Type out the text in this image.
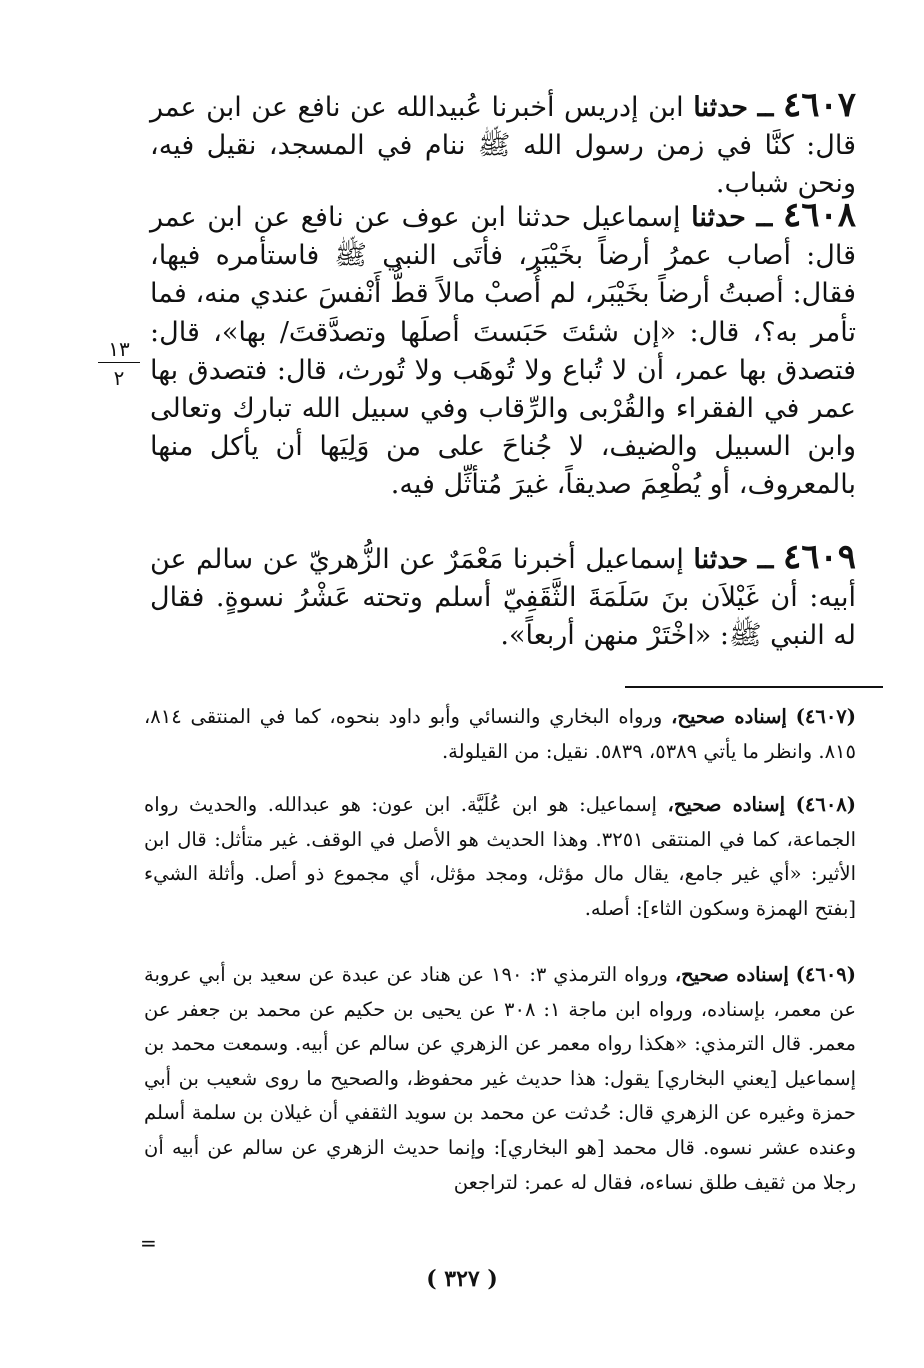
٤٦٠٧ ــ حدثنا ابن إدريس أخبرنا عُبيدالله عن نافع عن ابن عمر قال: كنَّا في زمن رسول الله ﷺ ننام في المسجد، نقيل فيه، ونحن شباب.

٤٦٠٨ ــ حدثنا إسماعيل حدثنا ابن عوف عن نافع عن ابن عمر قال: أصاب عمرُ أرضاً بخَيْبَر، فأتَى النبي ﷺ فاستأمره فيها، فقال: أصبتُ أرضاً بخَيْبَر، لم أُصبْ مالاً قطُّ أَنْفسَ عندي منه، فما تأمر به؟، قال: «إن شئتَ حَبَستَ أصلَها وتصدَّقتَ/ بها»، قال: فتصدق بها عمر، أن لا تُباع ولا تُوهَب ولا تُورث، قال: فتصدق بها عمر في الفقراء والقُرْبى والرِّقاب وفي سبيل الله تبارك وتعالى وابن السبيل والضيف، لا جُناحَ على من وَلِيَها أن يأكل منها بالمعروف، أو يُطْعِمَ صديقاً، غيرَ مُتأثِّل فيه.

١٣
٢

٤٦٠٩ ــ حدثنا إسماعيل أخبرنا مَعْمَرٌ عن الزُّهريّ عن سالم عن أبيه: أن غَيْلاَن بنَ سَلَمَةَ الثَّقَفِيّ أسلم وتحته عَشْرُ نسوةٍ. فقال له النبي ﷺ: «اخْتَرْ منهن أربعاً».

(٤٦٠٧) إسناده صحيح، ورواه البخاري والنسائي وأبو داود بنحوه، كما في المنتقى ٨١٤، ٨١٥. وانظر ما يأتي ٥٣٨٩، ٥٨٣٩. نقيل: من القيلولة.

(٤٦٠٨) إسناده صحيح، إسماعيل: هو ابن عُلَيَّة. ابن عون: هو عبدالله. والحديث رواه الجماعة، كما في المنتقى ٣٢٥١. وهذا الحديث هو الأصل في الوقف. غير متأثل: قال ابن الأثير: «أي غير جامع، يقال مال مؤثل، ومجد مؤثل، أي مجموع ذو أصل. وأثلة الشيء [بفتح الهمزة وسكون الثاء]: أصله.

(٤٦٠٩) إسناده صحيح، ورواه الترمذي ٣: ١٩٠ عن هناد عن عبدة عن سعيد بن أبي عروبة عن معمر، بإسناده، ورواه ابن ماجة ١: ٣٠٨ عن يحيى بن حكيم عن محمد بن جعفر عن معمر. قال الترمذي: «هكذا رواه معمر عن الزهري عن سالم عن أبيه. وسمعت محمد بن إسماعيل [يعني البخاري] يقول: هذا حديث غير محفوظ، والصحيح ما روى شعيب بن أبي حمزة وغيره عن الزهري قال: حُدثت عن محمد بن سويد الثقفي أن غيلان بن سلمة أسلم وعنده عشر نسوه. قال محمد [هو البخاري]: وإنما حديث الزهري عن سالم عن أبيه أن رجلا من ثقيف طلق نساءه، فقال له عمر: لتراجعن

=
( ٣٢٧ )
